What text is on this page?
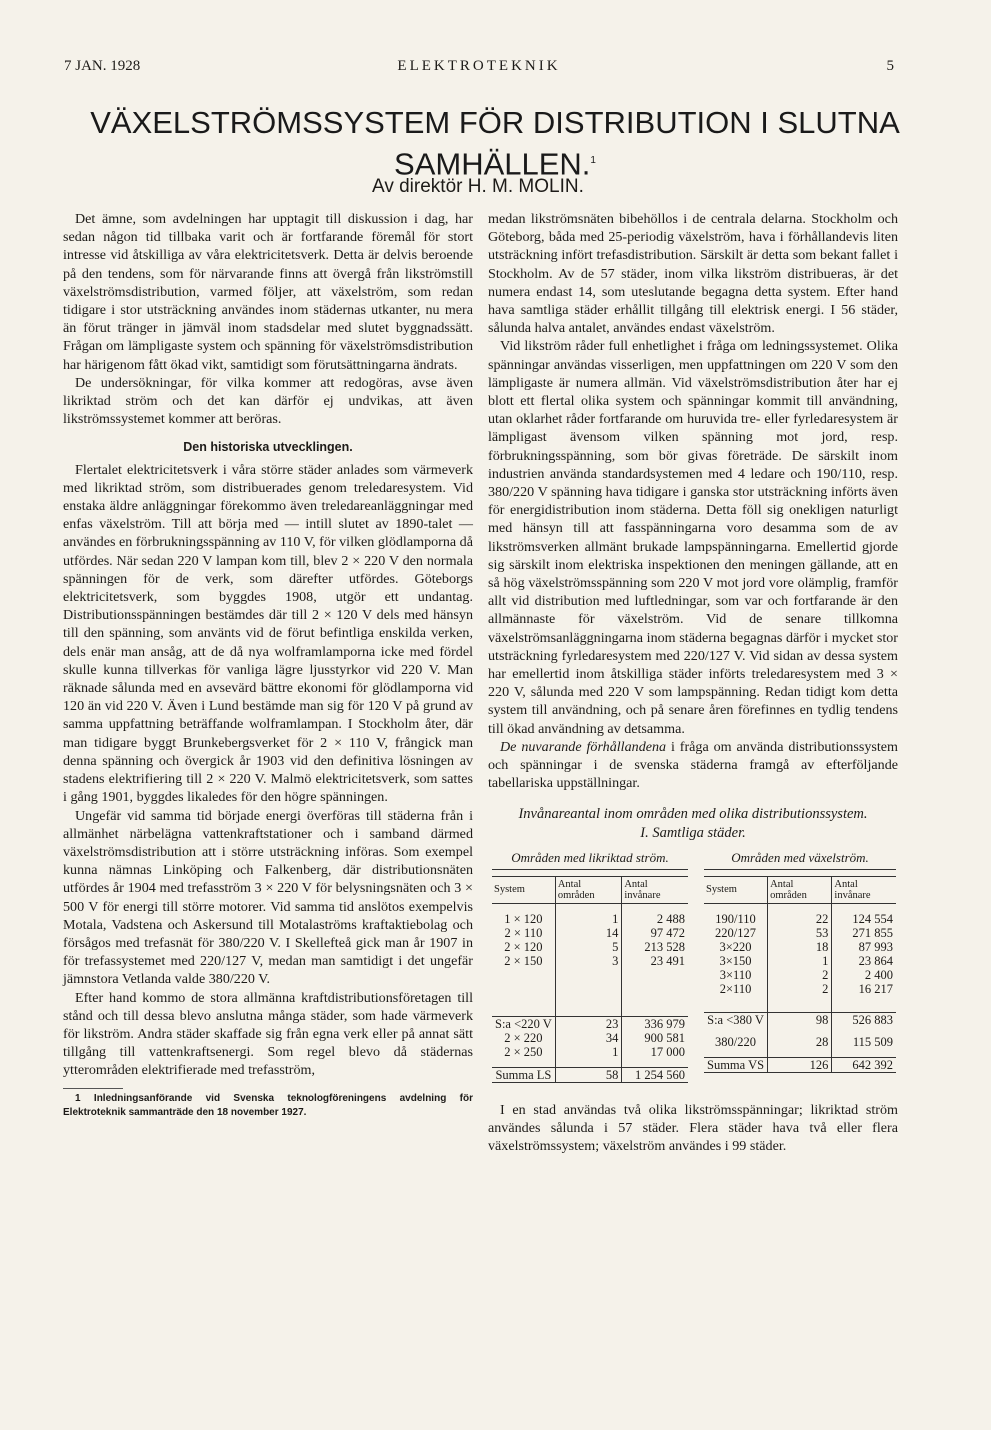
7 JAN. 1928	ELEKTROTEKNIK	5
VÄXELSTRÖMSSYSTEM FÖR DISTRIBUTION I SLUTNA SAMHÄLLEN.$^1$
Av direktör H. M. MOLIN.

Det ämne, som avdelningen har upptagit till diskussion i dag, har sedan någon tid tillbaka varit och är fortfarande föremål för stort intresse vid åtskilliga av våra elektricitetsverk. Detta är delvis beroende på den tendens, som för närvarande finns att övergå från likströmstill växelströmsdistribution, varmed följer, att växelström, som redan tidigare i stor utsträckning användes inom städernas utkanter, nu mera än förut tränger in jämväl inom stadsdelar med slutet byggnadssätt. Frågan om lämpligaste system och spänning för växelströmsdistribution har härigenom fått ökad vikt, samtidigt som förutsättningarna ändrats.

De undersökningar, för vilka kommer att redogöras, avse även likriktad ström och det kan därför ej undvikas, att även likströmssystemet kommer att beröras.

Den historiska utvecklingen.

Flertalet elektricitetsverk i våra större städer anlades som värmeverk med likriktad ström, som distribuerades genom treledaresystem. Vid enstaka äldre anläggningar förekommo även treledareanläggningar med enfas växelström. Till att börja med — intill slutet av 1890-talet — användes en förbrukningsspänning av 110 V, för vilken glödlamporna då utfördes. När sedan 220 V lampan kom till, blev 2 × 220 V den normala spänningen för de verk, som därefter utfördes. Göteborgs elektricitetsverk, som byggdes 1908, utgör ett undantag. Distributionsspänningen bestämdes där till 2 × 120 V dels med hänsyn till den spänning, som använts vid de förut befintliga enskilda verken, dels enär man ansåg, att de då nya wolframlamporna icke med fördel skulle kunna tillverkas för vanliga lägre ljusstyrkor vid 220 V. Man räknade sålunda med en avsevärd bättre ekonomi för glödlamporna vid 120 än vid 220 V. Även i Lund bestämde man sig för 120 V på grund av samma uppfattning beträffande wolframlampan. I Stockholm åter, där man tidigare byggt Brunkebergsverket för 2 × 110 V, frångick man denna spänning och övergick år 1903 vid den definitiva lösningen av stadens elektrifiering till 2 × 220 V. Malmö elektricitetsverk, som sattes i gång 1901, byggdes likaledes för den högre spänningen.

Ungefär vid samma tid började energi överföras till städerna från i allmänhet närbelägna vattenkraftstationer och i samband därmed växelströmsdistribution att i större utsträckning införas. Som exempel kunna nämnas Linköping och Falkenberg, där distributionsnäten utfördes år 1904 med trefasström 3 × 220 V för belysningsnäten och 3 × 500 V för energi till större motorer. Vid samma tid anslötos exempelvis Motala, Vadstena och Askersund till Motalaströms kraftaktiebolag och försågos med trefasnät för 380/220 V. I Skellefteå gick man år 1907 in för trefassystemet med 220/127 V, medan man samtidigt i det ungefär jämnstora Vetlanda valde 380/220 V.

Efter hand kommo de stora allmänna kraftdistributionsföretagen till stånd och till dessa blevo anslutna många städer, som hade värmeverk för likström. Andra städer skaffade sig från egna verk eller på annat sätt tillgång till vattenkraftsenergi. Som regel blevo då städernas ytterområden elektrifierade med trefasström,

1 Inledningsanförande vid Svenska teknologföreningens avdelning för Elektroteknik sammanträde den 18 november 1927.

medan likströmsnäten bibehöllos i de centrala delarna. Stockholm och Göteborg, båda med 25-periodig växelström, hava i förhållandevis liten utsträckning infört trefasdistribution. Särskilt är detta som bekant fallet i Stockholm. Av de 57 städer, inom vilka likström distribueras, är det numera endast 14, som uteslutande begagna detta system. Efter hand hava samtliga städer erhållit tillgång till elektrisk energi. I 56 städer, sålunda halva antalet, användes endast växelström.

Vid likström råder full enhetlighet i fråga om ledningssystemet. Olika spänningar användas visserligen, men uppfattningen om 220 V som den lämpligaste är numera allmän. Vid växelströmsdistribution åter har ej blott ett flertal olika system och spänningar kommit till användning, utan oklarhet råder fortfarande om huruvida tre- eller fyrledaresystem är lämpligast ävensom vilken spänning mot jord, resp. förbrukningsspänning, som bör givas företräde. De särskilt inom industrien använda standardsystemen med 4 ledare och 190/110, resp. 380/220 V spänning hava tidigare i ganska stor utsträckning införts även för energidistribution inom städerna. Detta föll sig onekligen naturligt med hänsyn till att fasspänningarna voro desamma som de av likströmsverken allmänt brukade lampspänningarna. Emellertid gjorde sig särskilt inom elektriska inspektionen den meningen gällande, att en så hög växelströmsspänning som 220 V mot jord vore olämplig, framför allt vid distribution med luftledningar, som var och fortfarande är den allmännaste för växelström. Vid de senare tillkomna växelströmsanläggningarna inom städerna begagnas därför i mycket stor utsträckning fyrledaresystem med 220/127 V. Vid sidan av dessa system har emellertid inom åtskilliga städer införts treledaresystem med 3 × 220 V, sålunda med 220 V som lampspänning. Redan tidigt kom detta system till användning, och på senare åren förefinnes en tydlig tendens till ökad användning av detsamma.

De nuvarande förhållandena i fråga om använda distributionssystem och spänningar i de svenska städerna framgå av efterföljande tabellariska uppställningar.

Invånareantal inom områden med olika distributionssystem.

I. Samtliga städer.

Områden med likriktad ström.
System	Antal områden	Antal invånare

1 × 120	1	2 488
2 × 110	14	97 472
2 × 120	5	213 528
2 × 150	3	23 491

S:a <220 V	23	336 979
2 × 220	34	900 581
2 × 250	1	17 000

Summa LS	58	1 254 560
Områden med växelström.
System	Antal områden	Antal invånare

190/110	22	124 554
220/127	53	271 855
3×220	18	87 993
3×150	1	23 864
3×110	2	2 400
2×110	2	16 217

S:a <380 V	98	526 883

380/220	28	115 509

Summa VS	126	642 392

I en stad användas två olika likströmsspänningar; likriktad ström användes sålunda i 57 städer. Flera städer hava två eller flera växelströmssystem; växelström användes i 99 städer.
